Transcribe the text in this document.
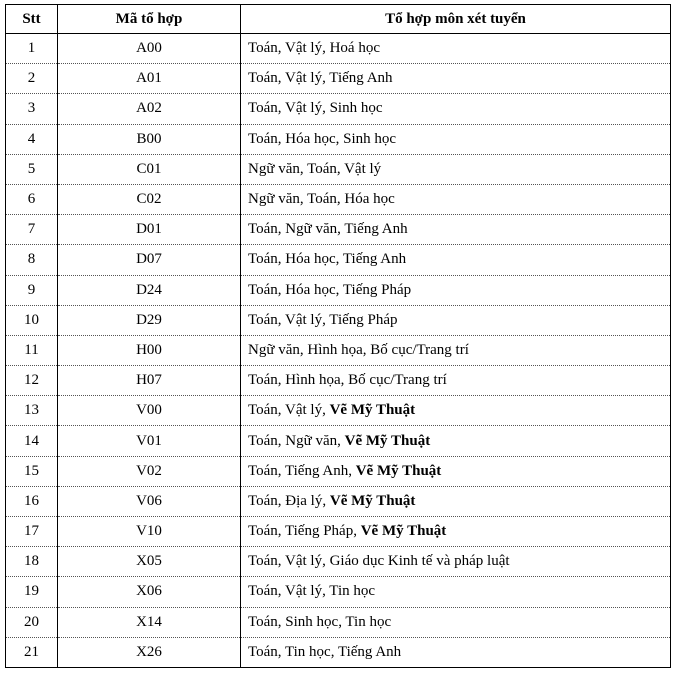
Stt	Mã tổ hợp	Tổ hợp môn xét tuyển
1	A00	Toán, Vật lý, Hoá học
2	A01	Toán, Vật lý, Tiếng Anh
3	A02	Toán, Vật lý, Sinh học
4	B00	Toán, Hóa học, Sinh học
5	C01	Ngữ văn, Toán, Vật lý
6	C02	Ngữ văn, Toán, Hóa học
7	D01	Toán, Ngữ văn, Tiếng Anh
8	D07	Toán, Hóa học, Tiếng Anh
9	D24	Toán, Hóa học, Tiếng Pháp
10	D29	Toán, Vật lý, Tiếng Pháp
11	H00	Ngữ văn, Hình họa, Bố cục/Trang trí
12	H07	Toán, Hình họa, Bố cục/Trang trí
13	V00	Toán, Vật lý, Vẽ Mỹ Thuật
14	V01	Toán, Ngữ văn, Vẽ Mỹ Thuật
15	V02	Toán, Tiếng Anh, Vẽ Mỹ Thuật
16	V06	Toán, Địa lý, Vẽ Mỹ Thuật
17	V10	Toán, Tiếng Pháp, Vẽ Mỹ Thuật
18	X05	Toán, Vật lý, Giáo dục Kinh tế và pháp luật
19	X06	Toán, Vật lý, Tin học
20	X14	Toán, Sinh học, Tin học
21	X26	Toán, Tin học, Tiếng Anh
